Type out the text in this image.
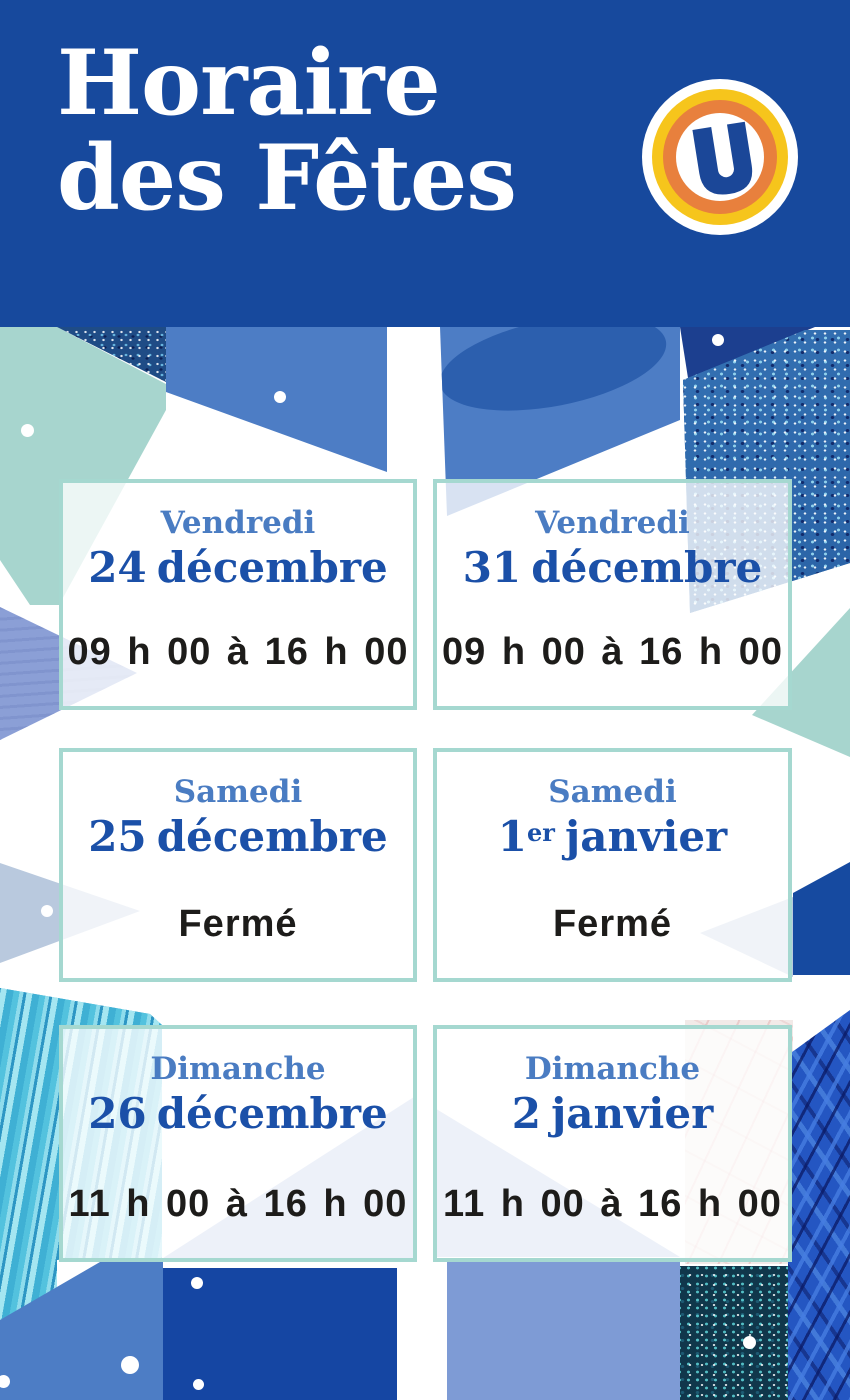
Horaire
des Fêtes
Vendredi
24 décembre
09 h 00 à 16 h 00
Vendredi
31 décembre
09 h 00 à 16 h 00
Samedi
25 décembre
Fermé
Samedi
1er janvier
Fermé
Dimanche
26 décembre
11 h 00 à 16 h 00
Dimanche
2 janvier
11 h 00 à 16 h 00
